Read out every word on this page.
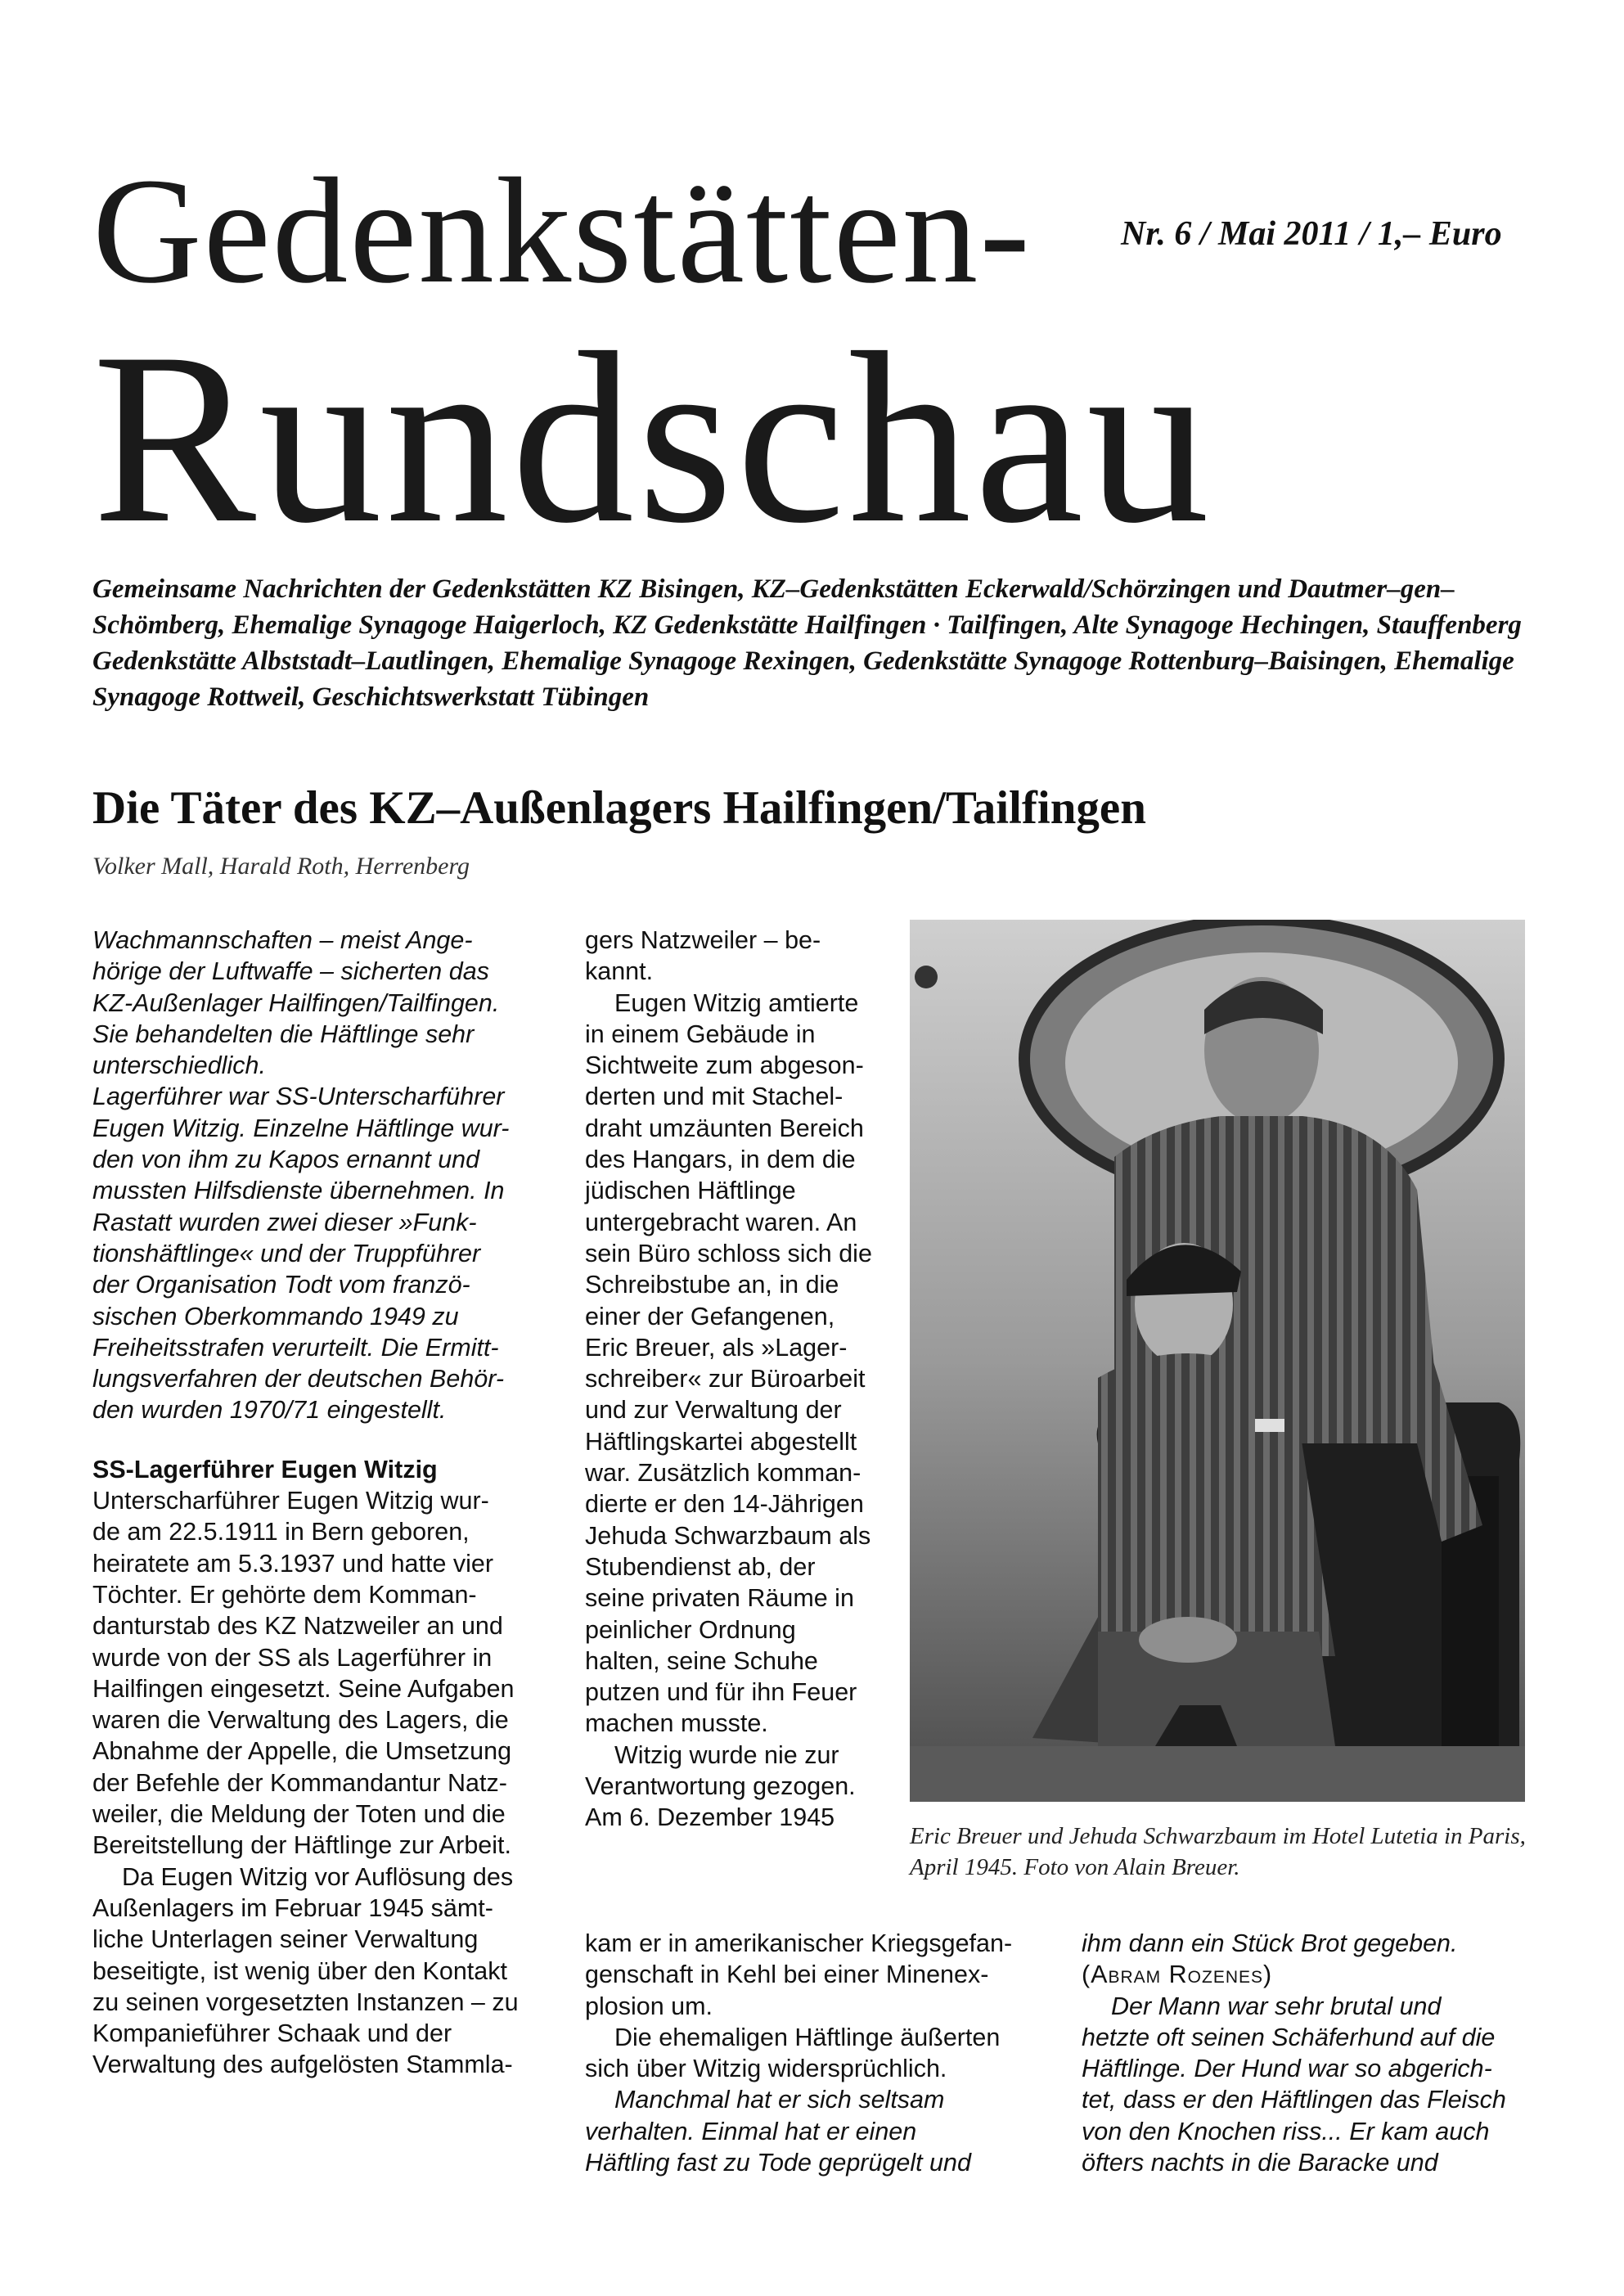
Gedenkstätten-	Nr. 6 / Mai 2011 / 1,– Euro
Rundschau
Gemeinsame Nachrichten der Gedenkstätten KZ Bisingen, KZ–Gedenkstätten Eckerwald/Schörzingen und Dautmer–gen–Schömberg, Ehemalige Synagoge Haigerloch, KZ Gedenkstätte Hailfingen · Tailfingen, Alte Synagoge Hechingen, Stauffenberg Gedenkstätte Albststadt–Lautlingen, Ehemalige Synagoge Rexingen, Gedenkstätte Synagoge Rottenburg–Baisingen, Ehemalige Synagoge Rottweil, Geschichtswerkstatt Tübingen
Die Täter des KZ–Außenlagers Hailfingen/Tailfingen
Volker Mall, Harald Roth, Herrenberg
Wachmannschaften – meist Ange-
hörige der Luftwaffe – sicherten das
KZ-Außenlager Hailfingen/Tailfingen.
Sie behandelten die Häftlinge sehr
unterschiedlich.
Lagerführer war SS-Unterscharführer
Eugen Witzig. Einzelne Häftlinge wur-
den von ihm zu Kapos ernannt und
mussten Hilfsdienste übernehmen. In
Rastatt wurden zwei dieser »Funk-
tionshäftlinge« und der Truppführer
der Organisation Todt vom franzö-
sischen Oberkommando 1949 zu
Freiheitsstrafen verurteilt. Die Ermitt-
lungsverfahren der deutschen Behör-
den wurden 1970/71 eingestellt.

SS-Lagerführer Eugen Witzig

Unterscharführer Eugen Witzig wur-
de am 22.5.1911 in Bern geboren,
heiratete am 5.3.1937 und hatte vier
Töchter. Er gehörte dem Komman-
danturstab des KZ Natzweiler an und
wurde von der SS als Lagerführer in
Hailfingen eingesetzt. Seine Aufgaben
waren die Verwaltung des Lagers, die
Abnahme der Appelle, die Umsetzung
der Befehle der Kommandantur Natz-
weiler, die Meldung der Toten und die
Bereitstellung der Häftlinge zur Arbeit.
Da Eugen Witzig vor Auflösung des
Außenlagers im Februar 1945 sämt-
liche Unterlagen seiner Verwaltung
beseitigte, ist wenig über den Kontakt
zu seinen vorgesetzten Instanzen – zu
Kompanieführer Schaak und der
Verwaltung des aufgelösten Stammla-
gers Natzweiler – be-
kannt.
Eugen Witzig amtierte
in einem Gebäude in
Sichtweite zum abgeson-
derten und mit Stachel-
draht umzäunten Bereich
des Hangars, in dem die
jüdischen Häftlinge
untergebracht waren. An
sein Büro schloss sich die
Schreibstube an, in die
einer der Gefangenen,
Eric Breuer, als »Lager-
schreiber« zur Büroarbeit
und zur Verwaltung der
Häftlingskartei abgestellt
war. Zusätzlich komman-
dierte er den 14-Jährigen
Jehuda Schwarzbaum als
Stubendienst ab, der
seine privaten Räume in
peinlicher Ordnung
halten, seine Schuhe
putzen und für ihn Feuer
machen musste.
Witzig wurde nie zur
Verantwortung gezogen.
Am 6. Dezember 1945
kam er in amerikanischer Kriegsgefan-
genschaft in Kehl bei einer Minenex-
plosion um.
Die ehemaligen Häftlinge äußerten
sich über Witzig widersprüchlich.
Manchmal hat er sich seltsam
verhalten. Einmal hat er einen
Häftling fast zu Tode geprügelt und

ihm dann ein Stück Brot gegeben.

(Abram Rozenes)

Der Mann war sehr brutal und
hetzte oft seinen Schäferhund auf die
Häftlinge. Der Hund war so abgerich-
tet, dass er den Häftlingen das Fleisch
von den Knochen riss... Er kam auch
öfters nachts in die Baracke und
Eric Breuer und Jehuda Schwarzbaum im Hotel Lutetia in Paris,
April 1945. Foto von Alain Breuer.
